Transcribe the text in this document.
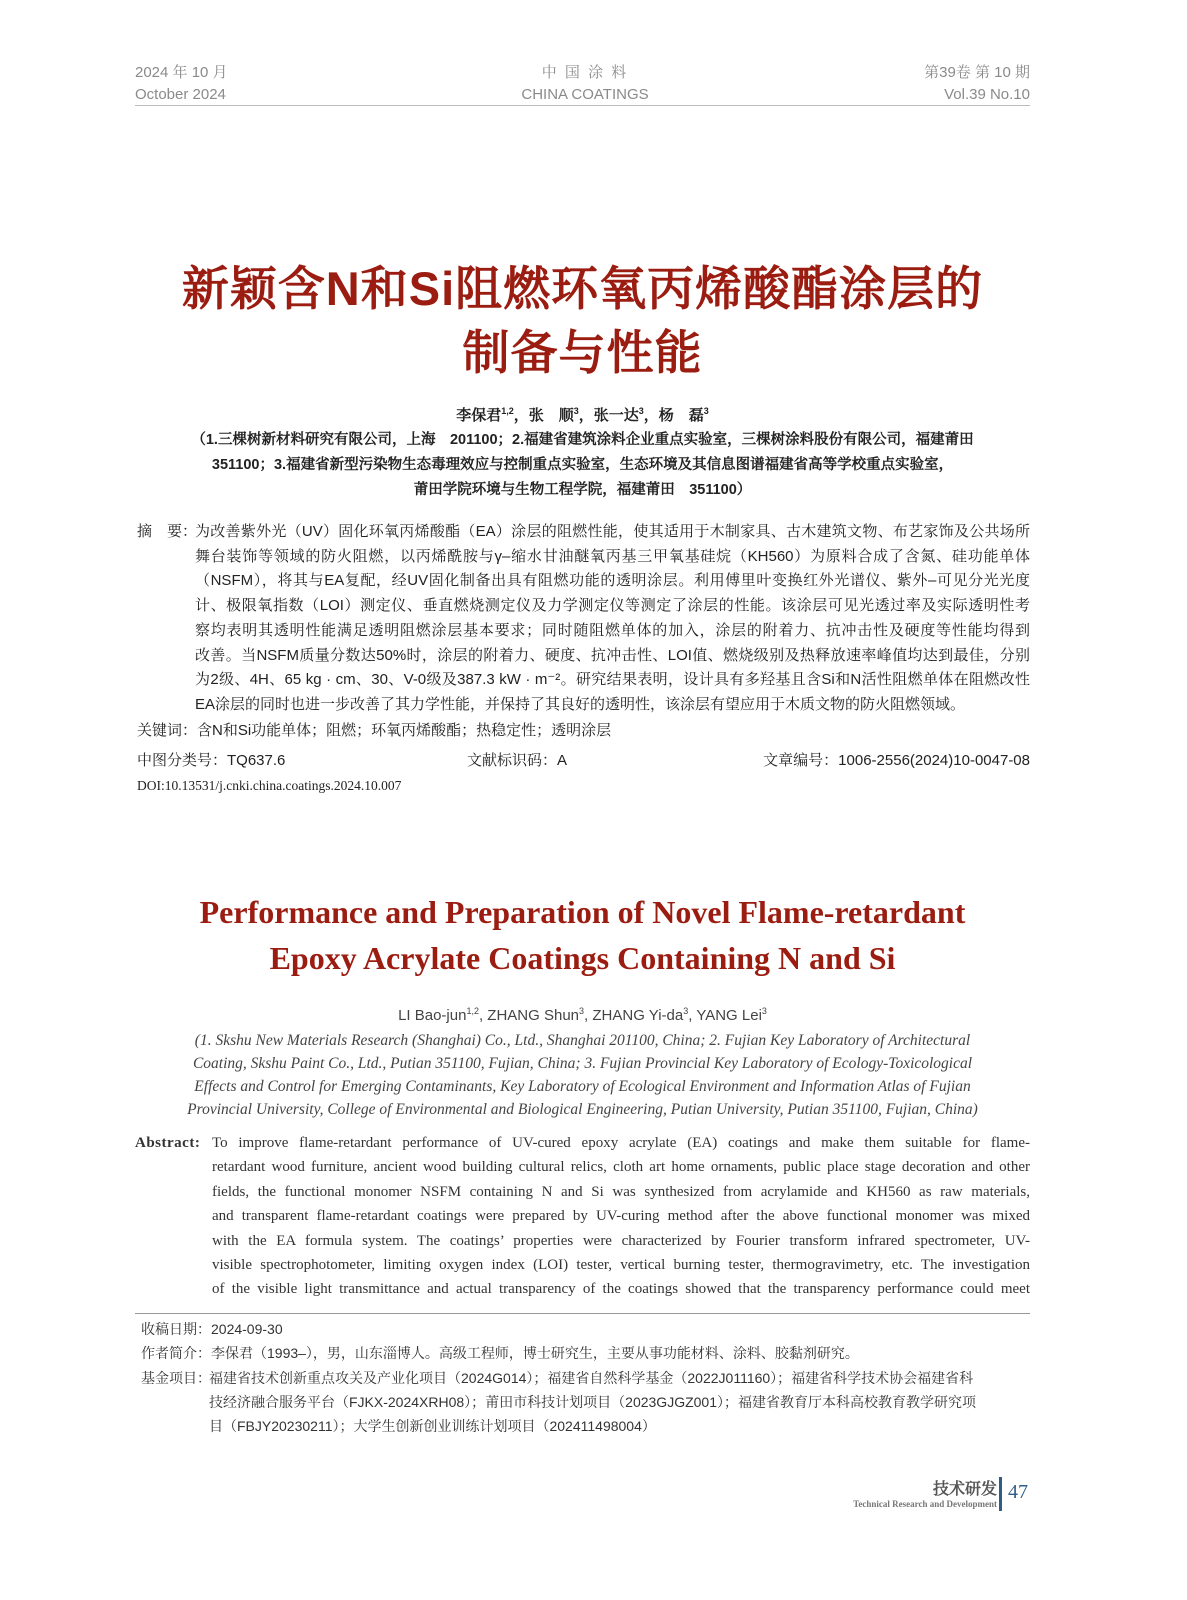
2024 年 10 月
October 2024
中 国 涂 料
CHINA COATINGS
第39卷 第 10 期
Vol.39 No.10
新颖含N和Si阻燃环氧丙烯酸酯涂层的
制备与性能
李保君$^{1,2}$，张　顺$^3$，张一达$^3$，杨　磊$^3$
（1.三棵树新材料研究有限公司，上海　201100；2.福建省建筑涂料企业重点实验室，三棵树涂料股份有限公司，福建莆田
351100；3.福建省新型污染物生态毒理效应与控制重点实验室，生态环境及其信息图谱福建省高等学校重点实验室，
莆田学院环境与生物工程学院，福建莆田　351100）
摘　要：
为改善紫外光（UV）固化环氧丙烯酸酯（EA）涂层的阻燃性能，使其适用于木制家具、古木建筑文物、布艺家饰及公共场所
舞台装饰等领域的防火阻燃，以丙烯酰胺与γ–缩水甘油醚氧丙基三甲氧基硅烷（KH560）为原料合成了含氮、硅功能单体
（NSFM），将其与EA复配，经UV固化制备出具有阻燃功能的透明涂层。利用傅里叶变换红外光谱仪、紫外–可见分光光度
计、极限氧指数（LOI）测定仪、垂直燃烧测定仪及力学测定仪等测定了涂层的性能。该涂层可见光透过率及实际透明性考
察均表明其透明性能满足透明阻燃涂层基本要求；同时随阻燃单体的加入，涂层的附着力、抗冲击性及硬度等性能均得到
改善。当NSFM质量分数达50%时，涂层的附着力、硬度、抗冲击性、LOI值、燃烧级别及热释放速率峰值均达到最佳，分别
为2级、4H、65 kg · cm、30、V-0级及387.3 kW · m⁻²。研究结果表明，设计具有多羟基且含Si和N活性阻燃单体在阻燃改性
EA涂层的同时也进一步改善了其力学性能，并保持了其良好的透明性，该涂层有望应用于木质文物的防火阻燃领域。
关键词：含N和Si功能单体；阻燃；环氧丙烯酸酯；热稳定性；透明涂层
中图分类号：TQ637.6	文献标识码：A	文章编号：1006-2556(2024)10-0047-08
DOI:10.13531/j.cnki.china.coatings.2024.10.007
Performance and Preparation of Novel Flame-retardant
Epoxy Acrylate Coatings Containing N and Si
LI Bao-jun$^{1,2}$, ZHANG Shun$^3$, ZHANG $Yi-da^3$, YANG Lei$^3$
(1. Skshu New Materials Research (Shanghai) Co., Ltd., Shanghai 201100, China; 2. Fujian Key Laboratory of Architectural
Coating, Skshu Paint Co., Ltd., Putian 351100, Fujian, China; 3. Fujian Provincial Key Laboratory of Ecology-Toxicological
Effects and Control for Emerging Contaminants, Key Laboratory of Ecological Environment and Information Atlas of Fujian
Provincial University, College of Environmental and Biological Engineering, Putian University, Putian 351100, Fujian, China)
Abstract: To improve flame-retardant performance of UV-cured epoxy acrylate (EA) coatings and make them suitable for flame-
retardant wood furniture, ancient wood building cultural relics, cloth art home ornaments, public place stage decoration and other
fields, the functional monomer NSFM containing N and Si was synthesized from acrylamide and KH560 as raw materials,
and transparent flame-retardant coatings were prepared by UV-curing method after the above functional monomer was mixed
with the EA formula system. The coatings’ properties were characterized by Fourier transform infrared spectrometer, UV-
visible spectrophotometer, limiting oxygen index (LOI) tester, vertical burning tester, thermogravimetry, etc. The investigation
of the visible light transmittance and actual transparency of the coatings showed that the transparency performance could meet
收稿日期：2024-09-30
作者简介：李保君（1993–），男，山东淄博人。高级工程师，博士研究生，主要从事功能材料、涂料、胶黏剂研究。
基金项目：
福建省技术创新重点攻关及产业化项目（2024G014）；福建省自然科学基金（2022J011160）；福建省科学技术协会福建省科
技经济融合服务平台（FJKX-2024XRH08）；莆田市科技计划项目（2023GJGZ001）；福建省教育厅本科高校教育教学研究项
目（FBJY20230211）；大学生创新创业训练计划项目（202411498004）
技术研发
Technical Research and Development
47
